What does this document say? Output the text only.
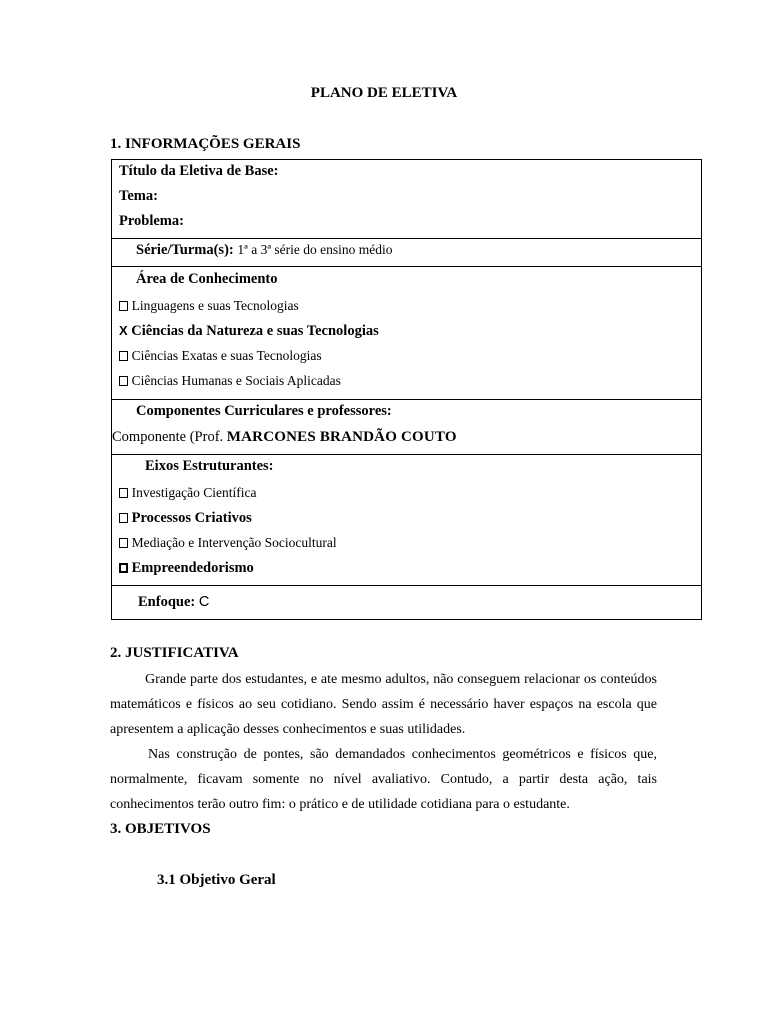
PLANO DE ELETIVA
1. INFORMAÇÕES GERAIS
Título da Eletiva de Base:
Tema:
Problema:
Série/Turma(s): 1ª a 3ª série do ensino médio
Área de Conhecimento
Linguagens e suas Tecnologias
X Ciências da Natureza e suas Tecnologias
Ciências Exatas e suas Tecnologias
Ciências Humanas e Sociais Aplicadas
Componentes Curriculares e professores:
Componente (Prof. MARCONES BRANDÃO COUTO
Eixos Estruturantes:
Investigação Científica
Processos Criativos
Mediação e Intervenção Sociocultural
Empreendedorismo
Enfoque: C
2. JUSTIFICATIVA

Grande parte dos estudantes, e ate mesmo adultos, não conseguem relacionar os conteúdos matemáticos e físicos ao seu cotidiano. Sendo assim é necessário haver espaços na escola que apresentem a aplicação desses conhecimentos e suas utilidades.

Nas construção de pontes, são demandados conhecimentos geométricos e físicos que, normalmente, ficavam somente no nível avaliativo. Contudo, a partir desta ação, tais conhecimentos terão outro fim: o prático e de utilidade cotidiana para o estudante.

3. OBJETIVOS
3.1 Objetivo Geral
